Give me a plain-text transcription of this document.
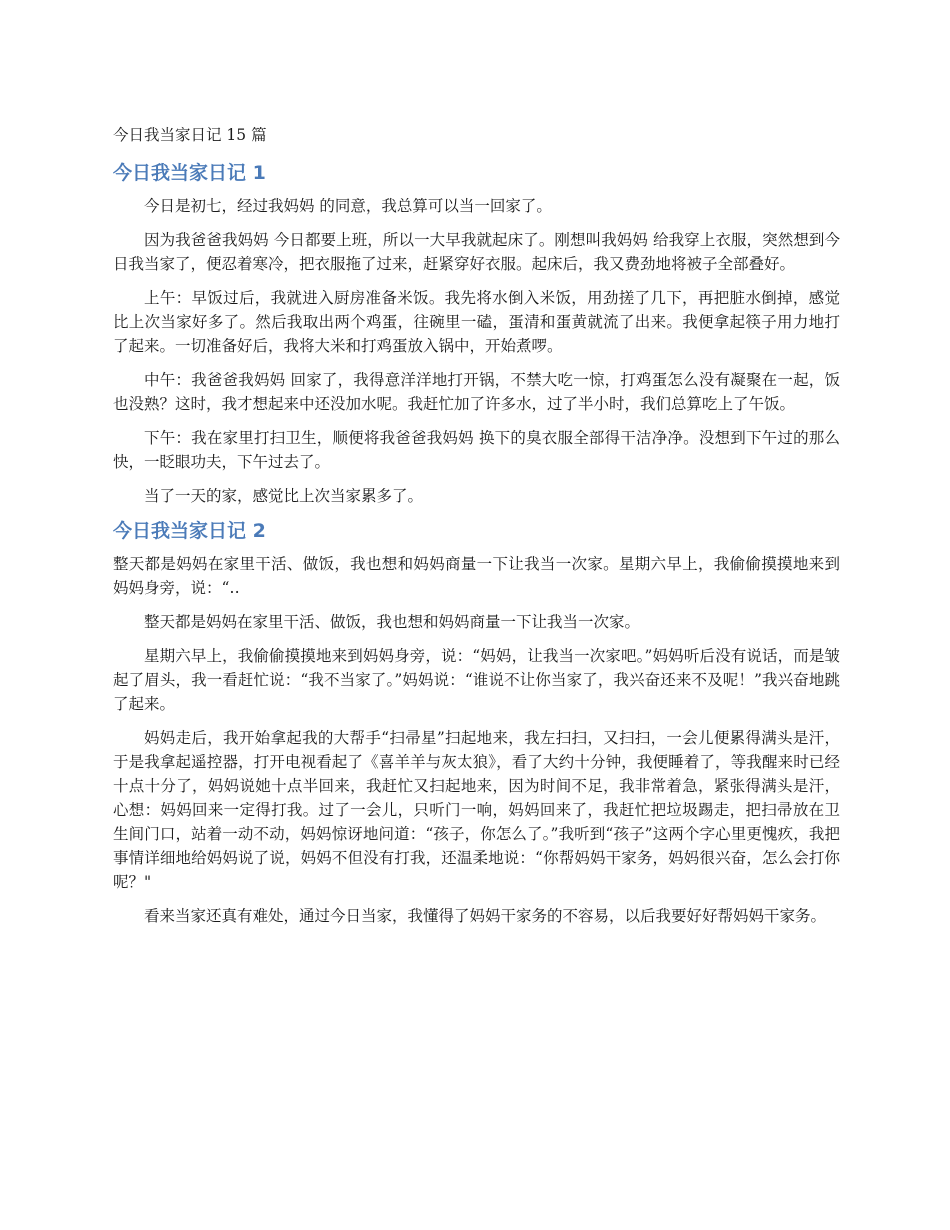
今日我当家日记 15 篇
今日我当家日记 1

今日是初七，经过我妈妈 的同意，我总算可以当一回家了。

因为我爸爸我妈妈 今日都要上班，所以一大早我就起床了。刚想叫我妈妈 给我穿上衣服，突然想到今日我当家了，便忍着寒冷，把衣服拖了过来，赶紧穿好衣服。起床后，我又费劲地将被子全部叠好。

上午：早饭过后，我就进入厨房准备米饭。我先将水倒入米饭，用劲搓了几下，再把脏水倒掉，感觉比上次当家好多了。然后我取出两个鸡蛋，往碗里一磕，蛋清和蛋黄就流了出来。我便拿起筷子用力地打了起来。一切准备好后，我将大米和打鸡蛋放入锅中，开始煮啰。

中午：我爸爸我妈妈 回家了，我得意洋洋地打开锅，不禁大吃一惊，打鸡蛋怎么没有凝聚在一起，饭也没熟？这时，我才想起来中还没加水呢。我赶忙加了许多水，过了半小时，我们总算吃上了午饭。

下午：我在家里打扫卫生，顺便将我爸爸我妈妈 换下的臭衣服全部得干洁净净。没想到下午过的那么快，一眨眼功夫，下午过去了。

当了一天的家，感觉比上次当家累多了。

今日我当家日记 2

整天都是妈妈在家里干活、做饭，我也想和妈妈商量一下让我当一次家。星期六早上，我偷偷摸摸地来到妈妈身旁，说：“‥

整天都是妈妈在家里干活、做饭，我也想和妈妈商量一下让我当一次家。

星期六早上，我偷偷摸摸地来到妈妈身旁，说：“妈妈，让我当一次家吧。”妈妈听后没有说话，而是皱起了眉头，我一看赶忙说：“我不当家了。”妈妈说：“谁说不让你当家了，我兴奋还来不及呢！”我兴奋地跳了起来。

妈妈走后，我开始拿起我的大帮手“扫帚星”扫起地来，我左扫扫，又扫扫，一会儿便累得满头是汗，于是我拿起遥控器，打开电视看起了《喜羊羊与灰太狼》，看了大约十分钟，我便睡着了，等我醒来时已经十点十分了，妈妈说她十点半回来，我赶忙又扫起地来，因为时间不足，我非常着急，紧张得满头是汗，心想：妈妈回来一定得打我。过了一会儿，只听门一响，妈妈回来了，我赶忙把垃圾踢走，把扫帚放在卫生间门口，站着一动不动，妈妈惊讶地问道：“孩子，你怎么了。”我听到“孩子”这两个字心里更愧疚，我把事情详细地给妈妈说了说，妈妈不但没有打我，还温柔地说：“你帮妈妈干家务，妈妈很兴奋，怎么会打你呢？"

看来当家还真有难处，通过今日当家，我懂得了妈妈干家务的不容易，以后我要好好帮妈妈干家务。
